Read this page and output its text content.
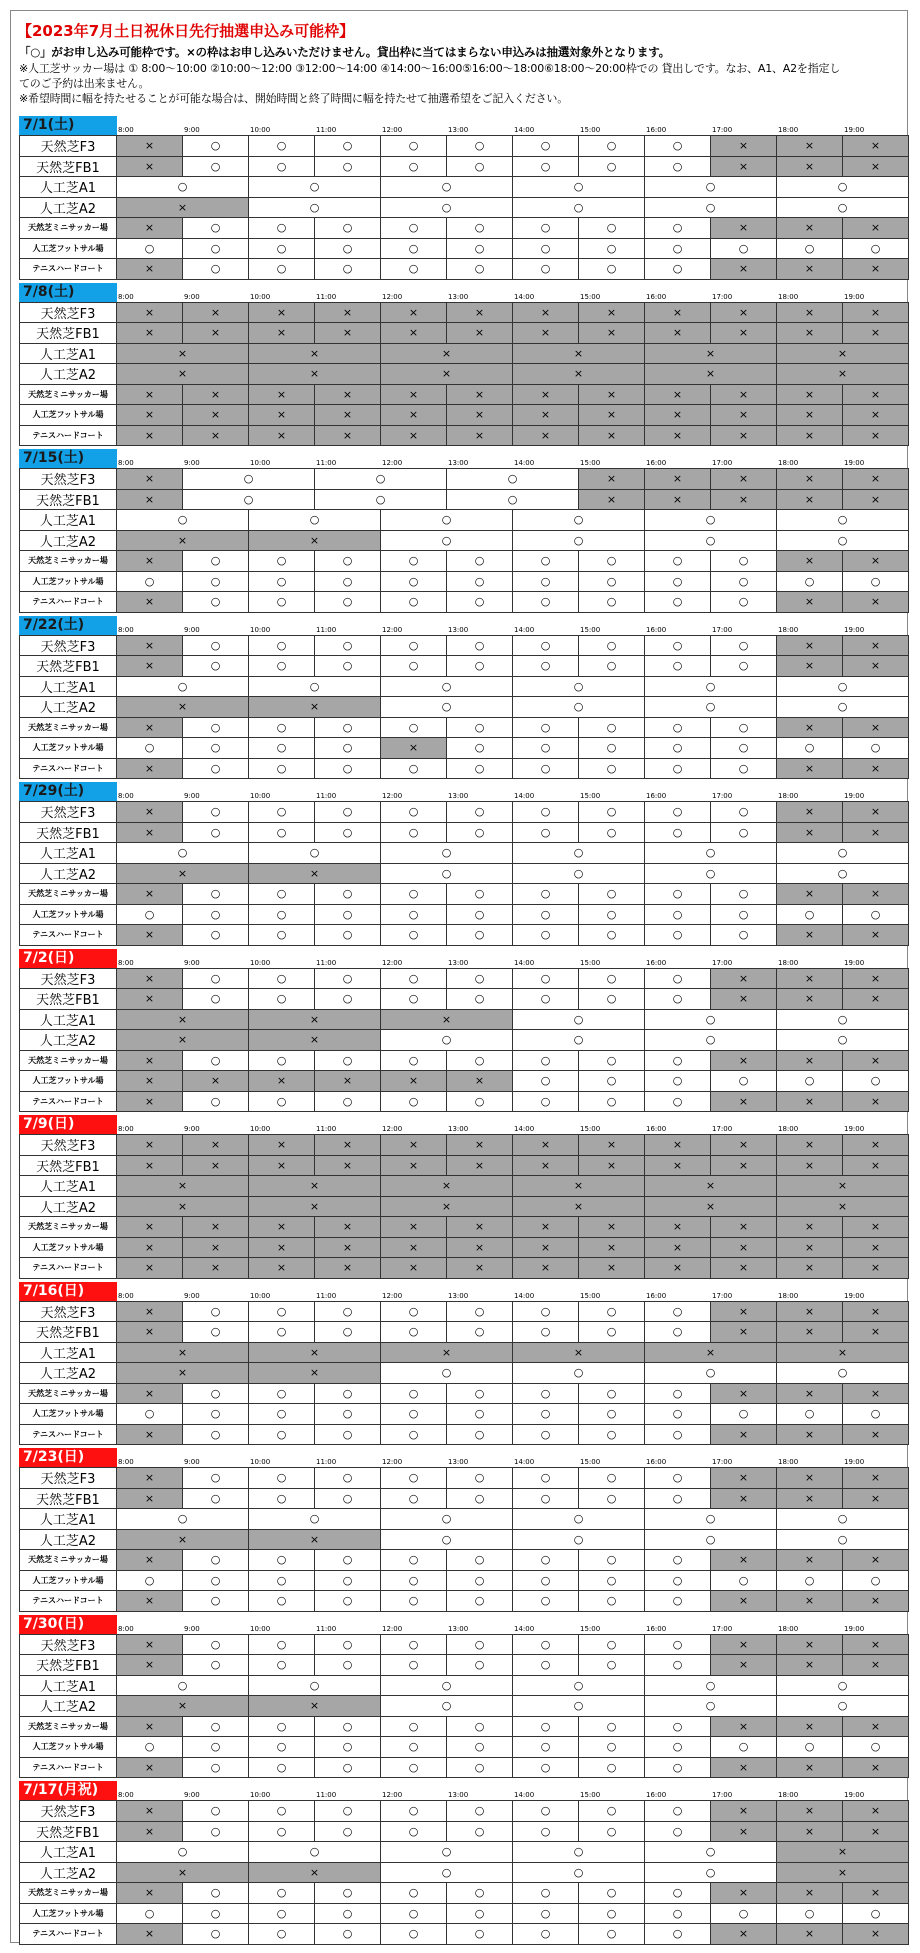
【2023年7月土日祝休日先行抽選申込み可能枠】
「○」がお申し込み可能枠です。×の枠はお申し込みいただけません。貸出枠に当てはまらない申込みは抽選対象外となります。
※人工芝サッカー場は ① 8:00〜10:00 ②10:00〜12:00 ③12:00〜14:00 ④14:00〜16:00⑤16:00〜18:00⑥18:00〜20:00枠での 貸出しです。なお、A1、A2を指定し
てのご予約は出来ません。
※希望時間に幅を持たせることが可能な場合は、開始時間と終了時間に幅を持たせて抽選希望をご記入ください。
7/1(土)	8:00	9:00	10:00	11:00	12:00	13:00	14:00	15:00	16:00	17:00	18:00	19:00
天然芝F3	×	○	○	○	○	○	○	○	○	×	×	×
天然芝FB1	×	○	○	○	○	○	○	○	○	×	×	×
人工芝A1	○	○	○	○	○	○
人工芝A2	×	○	○	○	○	○
天然芝ミニサッカー場	×	○	○	○	○	○	○	○	○	×	×	×
人工芝フットサル場	○	○	○	○	○	○	○	○	○	○	○	○
テニスハードコート	×	○	○	○	○	○	○	○	○	×	×	×
7/8(土)	8:00	9:00	10:00	11:00	12:00	13:00	14:00	15:00	16:00	17:00	18:00	19:00
天然芝F3	×	×	×	×	×	×	×	×	×	×	×	×
天然芝FB1	×	×	×	×	×	×	×	×	×	×	×	×
人工芝A1	×	×	×	×	×	×
人工芝A2	×	×	×	×	×	×
天然芝ミニサッカー場	×	×	×	×	×	×	×	×	×	×	×	×
人工芝フットサル場	×	×	×	×	×	×	×	×	×	×	×	×
テニスハードコート	×	×	×	×	×	×	×	×	×	×	×	×
7/15(土)	8:00	9:00	10:00	11:00	12:00	13:00	14:00	15:00	16:00	17:00	18:00	19:00
天然芝F3	×	○	○	○	×	×	×	×	×
天然芝FB1	×	○	○	○	×	×	×	×	×
人工芝A1	○	○	○	○	○	○
人工芝A2	×	×	○	○	○	○
天然芝ミニサッカー場	×	○	○	○	○	○	○	○	○	○	×	×
人工芝フットサル場	○	○	○	○	○	○	○	○	○	○	○	○
テニスハードコート	×	○	○	○	○	○	○	○	○	○	×	×
7/22(土)	8:00	9:00	10:00	11:00	12:00	13:00	14:00	15:00	16:00	17:00	18:00	19:00
天然芝F3	×	○	○	○	○	○	○	○	○	○	×	×
天然芝FB1	×	○	○	○	○	○	○	○	○	○	×	×
人工芝A1	○	○	○	○	○	○
人工芝A2	×	×	○	○	○	○
天然芝ミニサッカー場	×	○	○	○	○	○	○	○	○	○	×	×
人工芝フットサル場	○	○	○	○	×	○	○	○	○	○	○	○
テニスハードコート	×	○	○	○	○	○	○	○	○	○	×	×
7/29(土)	8:00	9:00	10:00	11:00	12:00	13:00	14:00	15:00	16:00	17:00	18:00	19:00
天然芝F3	×	○	○	○	○	○	○	○	○	○	×	×
天然芝FB1	×	○	○	○	○	○	○	○	○	○	×	×
人工芝A1	○	○	○	○	○	○
人工芝A2	×	×	○	○	○	○
天然芝ミニサッカー場	×	○	○	○	○	○	○	○	○	○	×	×
人工芝フットサル場	○	○	○	○	○	○	○	○	○	○	○	○
テニスハードコート	×	○	○	○	○	○	○	○	○	○	×	×
7/2(日)	8:00	9:00	10:00	11:00	12:00	13:00	14:00	15:00	16:00	17:00	18:00	19:00
天然芝F3	×	○	○	○	○	○	○	○	○	×	×	×
天然芝FB1	×	○	○	○	○	○	○	○	○	×	×	×
人工芝A1	×	×	×	○	○	○
人工芝A2	×	×	○	○	○	○
天然芝ミニサッカー場	×	○	○	○	○	○	○	○	○	×	×	×
人工芝フットサル場	×	×	×	×	×	×	○	○	○	○	○	○
テニスハードコート	×	○	○	○	○	○	○	○	○	×	×	×
7/9(日)	8:00	9:00	10:00	11:00	12:00	13:00	14:00	15:00	16:00	17:00	18:00	19:00
天然芝F3	×	×	×	×	×	×	×	×	×	×	×	×
天然芝FB1	×	×	×	×	×	×	×	×	×	×	×	×
人工芝A1	×	×	×	×	×	×
人工芝A2	×	×	×	×	×	×
天然芝ミニサッカー場	×	×	×	×	×	×	×	×	×	×	×	×
人工芝フットサル場	×	×	×	×	×	×	×	×	×	×	×	×
テニスハードコート	×	×	×	×	×	×	×	×	×	×	×	×
7/16(日)	8:00	9:00	10:00	11:00	12:00	13:00	14:00	15:00	16:00	17:00	18:00	19:00
天然芝F3	×	○	○	○	○	○	○	○	○	×	×	×
天然芝FB1	×	○	○	○	○	○	○	○	○	×	×	×
人工芝A1	×	×	×	×	×	×
人工芝A2	×	×	○	○	○	○
天然芝ミニサッカー場	×	○	○	○	○	○	○	○	○	×	×	×
人工芝フットサル場	○	○	○	○	○	○	○	○	○	○	○	○
テニスハードコート	×	○	○	○	○	○	○	○	○	×	×	×
7/23(日)	8:00	9:00	10:00	11:00	12:00	13:00	14:00	15:00	16:00	17:00	18:00	19:00
天然芝F3	×	○	○	○	○	○	○	○	○	×	×	×
天然芝FB1	×	○	○	○	○	○	○	○	○	×	×	×
人工芝A1	○	○	○	○	○	○
人工芝A2	×	×	○	○	○	○
天然芝ミニサッカー場	×	○	○	○	○	○	○	○	○	×	×	×
人工芝フットサル場	○	○	○	○	○	○	○	○	○	○	○	○
テニスハードコート	×	○	○	○	○	○	○	○	○	×	×	×
7/30(日)	8:00	9:00	10:00	11:00	12:00	13:00	14:00	15:00	16:00	17:00	18:00	19:00
天然芝F3	×	○	○	○	○	○	○	○	○	×	×	×
天然芝FB1	×	○	○	○	○	○	○	○	○	×	×	×
人工芝A1	○	○	○	○	○	○
人工芝A2	×	×	○	○	○	○
天然芝ミニサッカー場	×	○	○	○	○	○	○	○	○	×	×	×
人工芝フットサル場	○	○	○	○	○	○	○	○	○	○	○	○
テニスハードコート	×	○	○	○	○	○	○	○	○	×	×	×
7/17(月祝)	8:00	9:00	10:00	11:00	12:00	13:00	14:00	15:00	16:00	17:00	18:00	19:00
天然芝F3	×	○	○	○	○	○	○	○	○	×	×	×
天然芝FB1	×	○	○	○	○	○	○	○	○	×	×	×
人工芝A1	○	○	○	○	○	×
人工芝A2	×	×	○	○	○	×
天然芝ミニサッカー場	×	○	○	○	○	○	○	○	○	×	×	×
人工芝フットサル場	○	○	○	○	○	○	○	○	○	○	○	○
テニスハードコート	×	○	○	○	○	○	○	○	○	×	×	×
